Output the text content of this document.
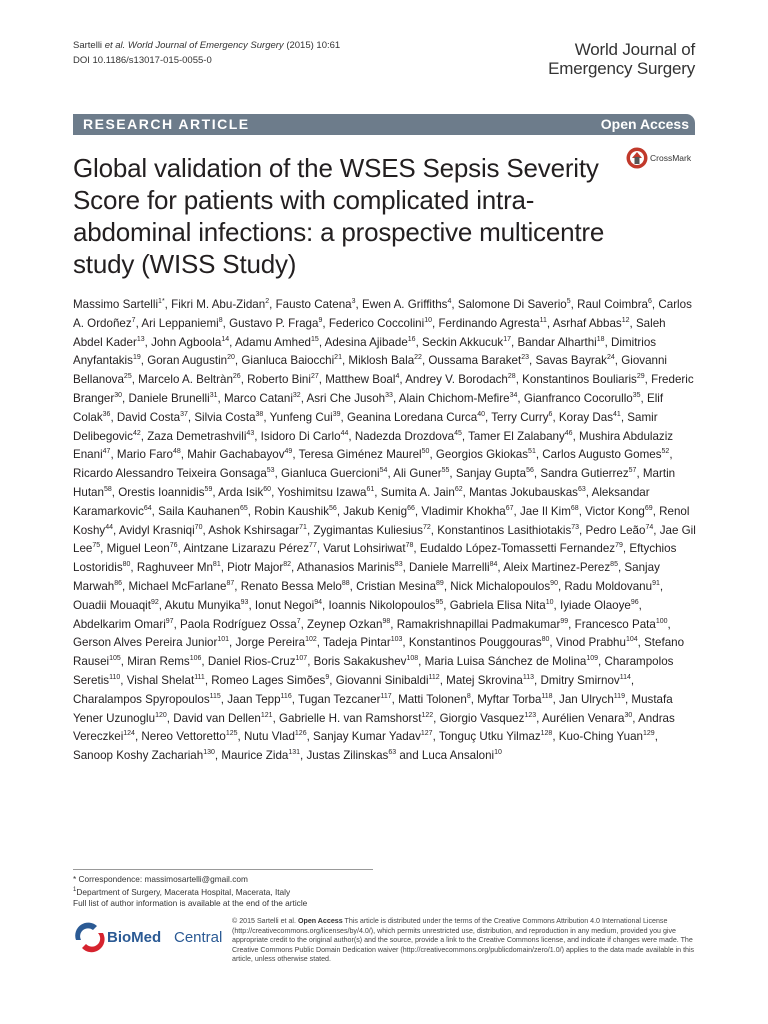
Sartelli et al. World Journal of Emergency Surgery (2015) 10:61
DOI 10.1186/s13017-015-0055-0
World Journal of
Emergency Surgery
RESEARCH ARTICLE	Open Access
Global validation of the WSES Sepsis Severity Score for patients with complicated intra-abdominal infections: a prospective multicentre study (WISS Study)
CrossMark

Massimo Sartelli$^{1*}$, Fikri M. Abu-Zidan$^2$, Fausto Catena$^3$, Ewen A. Griffiths$^4$, Salomone Di Saverio$^5$, Raul Coimbra$^6$, Carlos A. Ordoñez$^7$, Ari Leppaniemi$^8$, Gustavo P. Fraga$^9$, Federico Coccolini$^{10}$, Ferdinando Agresta$^{11}$, Asrhaf Abbas$^{12}$, Saleh Abdel Kader$^{13}$, John Agboola$^{14}$, Adamu Amhed$^{15}$, Adesina Ajibade$^{16}$, Seckin Akkucuk$^{17}$, Bandar Alharthi$^{18}$, Dimitrios Anyfantakis$^{19}$, Goran Augustin$^{20}$, Gianluca Baiocchi$^{21}$, Miklosh Bala$^{22}$, Oussama Baraket$^{23}$, Savas Bayrak$^{24}$, Giovanni Bellanova$^{25}$, Marcelo A. Beltràn$^{26}$, Roberto Bini$^{27}$, Matthew Boal$^4$, Andrey V. Borodach$^{28}$, Konstantinos Bouliaris$^{29}$, Frederic Branger$^{30}$, Daniele Brunelli$^{31}$, Marco Catani$^{32}$, Asri Che Jusoh$^{33}$, Alain Chichom-Mefire$^{34}$, Gianfranco Cocorullo$^{35}$, Elif Colak$^{36}$, David Costa$^{37}$, Silvia Costa$^{38}$, Yunfeng Cui$^{39}$, Geanina Loredana Curca$^{40}$, Terry Curry$^6$, Koray Das$^{41}$, Samir Delibegovic$^{42}$, Zaza Demetrashvili$^{43}$, Isidoro Di Carlo$^{44}$, Nadezda Drozdova$^{45}$, Tamer El Zalabany$^{46}$, Mushira Abdulaziz Enani$^{47}$, Mario Faro$^{48}$, Mahir Gachabayov$^{49}$, Teresa Giménez Maurel$^{50}$, Georgios Gkiokas$^{51}$, Carlos Augusto Gomes$^{52}$, Ricardo Alessandro Teixeira Gonsaga$^{53}$, Gianluca Guercioni$^{54}$, Ali Guner$^{55}$, Sanjay Gupta$^{56}$, Sandra Gutierrez$^{57}$, Martin Hutan$^{58}$, Orestis Ioannidis$^{59}$, Arda Isik$^{60}$, Yoshimitsu Izawa$^{61}$, Sumita A. Jain$^{62}$, Mantas Jokubauskas$^{63}$, Aleksandar Karamarkovic$^{64}$, Saila Kauhanen$^{65}$, Robin Kaushik$^{56}$, Jakub Kenig$^{66}$, Vladimir Khokha$^{67}$, Jae Il Kim$^{68}$, Victor Kong$^{69}$, Renol Koshy$^{44}$, Avidyl Krasniqi$^{70}$, Ashok Kshirsagar$^{71}$, Zygimantas Kuliesius$^{72}$, Konstantinos Lasithiotakis$^{73}$, Pedro Leão$^{74}$, Jae Gil Lee$^{75}$, Miguel Leon$^{76}$, Aintzane Lizarazu Pérez$^{77}$, Varut Lohsiriwat$^{78}$, Eudaldo López-Tomassetti Fernandez$^{79}$, Eftychios Lostoridis$^{80}$, Raghuveer Mn$^{81}$, Piotr Major$^{82}$, Athanasios Marinis$^{83}$, Daniele Marrelli$^{84}$, Aleix Martinez-Perez$^{85}$, Sanjay Marwah$^{86}$, Michael McFarlane$^{87}$, Renato Bessa Melo$^{88}$, Cristian Mesina$^{89}$, Nick Michalopoulos$^{90}$, Radu Moldovanu$^{91}$, Ouadii Mouaqit$^{92}$, Akutu Munyika$^{93}$, Ionut Negoi$^{94}$, Ioannis Nikolopoulos$^{95}$, Gabriela Elisa Nita$^{10}$, Iyiade Olaoye$^{96}$, Abdelkarim Omari$^{97}$, Paola Rodríguez Ossa$^7$, Zeynep Ozkan$^{98}$, Ramakrishnapillai Padmakumar$^{99}$, Francesco Pata$^{100}$, Gerson Alves Pereira Junior$^{101}$, Jorge Pereira$^{102}$, Tadeja Pintar$^{103}$, Konstantinos Pouggouras$^{80}$, Vinod Prabhu$^{104}$, Stefano Rausei$^{105}$, Miran Rems$^{106}$, Daniel Rios-Cruz$^{107}$, Boris Sakakushev$^{108}$, Maria Luisa Sánchez de Molina$^{109}$, Charampolos Seretis$^{110}$, Vishal Shelat$^{111}$, Romeo Lages Simões$^9$, Giovanni Sinibaldi$^{112}$, Matej Skrovina$^{113}$, Dmitry Smirnov$^{114}$, Charalampos Spyropoulos$^{115}$, Jaan Tepp$^{116}$, Tugan Tezcaner$^{117}$, Matti Tolonen$^8$, Myftar Torba$^{118}$, Jan Ulrych$^{119}$, Mustafa Yener Uzunoglu$^{120}$, David van Dellen$^{121}$, Gabrielle H. van Ramshorst$^{122}$, Giorgio Vasquez$^{123}$, Aurélien Venara$^{30}$, Andras Vereczkei$^{124}$, Nereo Vettoretto$^{125}$, Nutu Vlad$^{126}$, Sanjay Kumar Yadav$^{127}$, Tonguç Utku Yilmaz$^{128}$, Kuo-Ching Yuan$^{129}$, Sanoop Koshy Zachariah$^{130}$, Maurice Zida$^{131}$, Justas Zilinskas$^{63}$ and Luca Ansaloni$^{10}$

* Correspondence: massimosartelli@gmail.com
$^1$Department of Surgery, Macerata Hospital, Macerata, Italy
Full list of author information is available at the end of the article
BioMed Central

© 2015 Sartelli et al. Open Access This article is distributed under the terms of the Creative Commons Attribution 4.0 International License (http://creativecommons.org/licenses/by/4.0/), which permits unrestricted use, distribution, and reproduction in any medium, provided you give appropriate credit to the original author(s) and the source, provide a link to the Creative Commons license, and indicate if changes were made. The Creative Commons Public Domain Dedication waiver (http://creativecommons.org/publicdomain/zero/1.0/) applies to the data made available in this article, unless otherwise stated.
